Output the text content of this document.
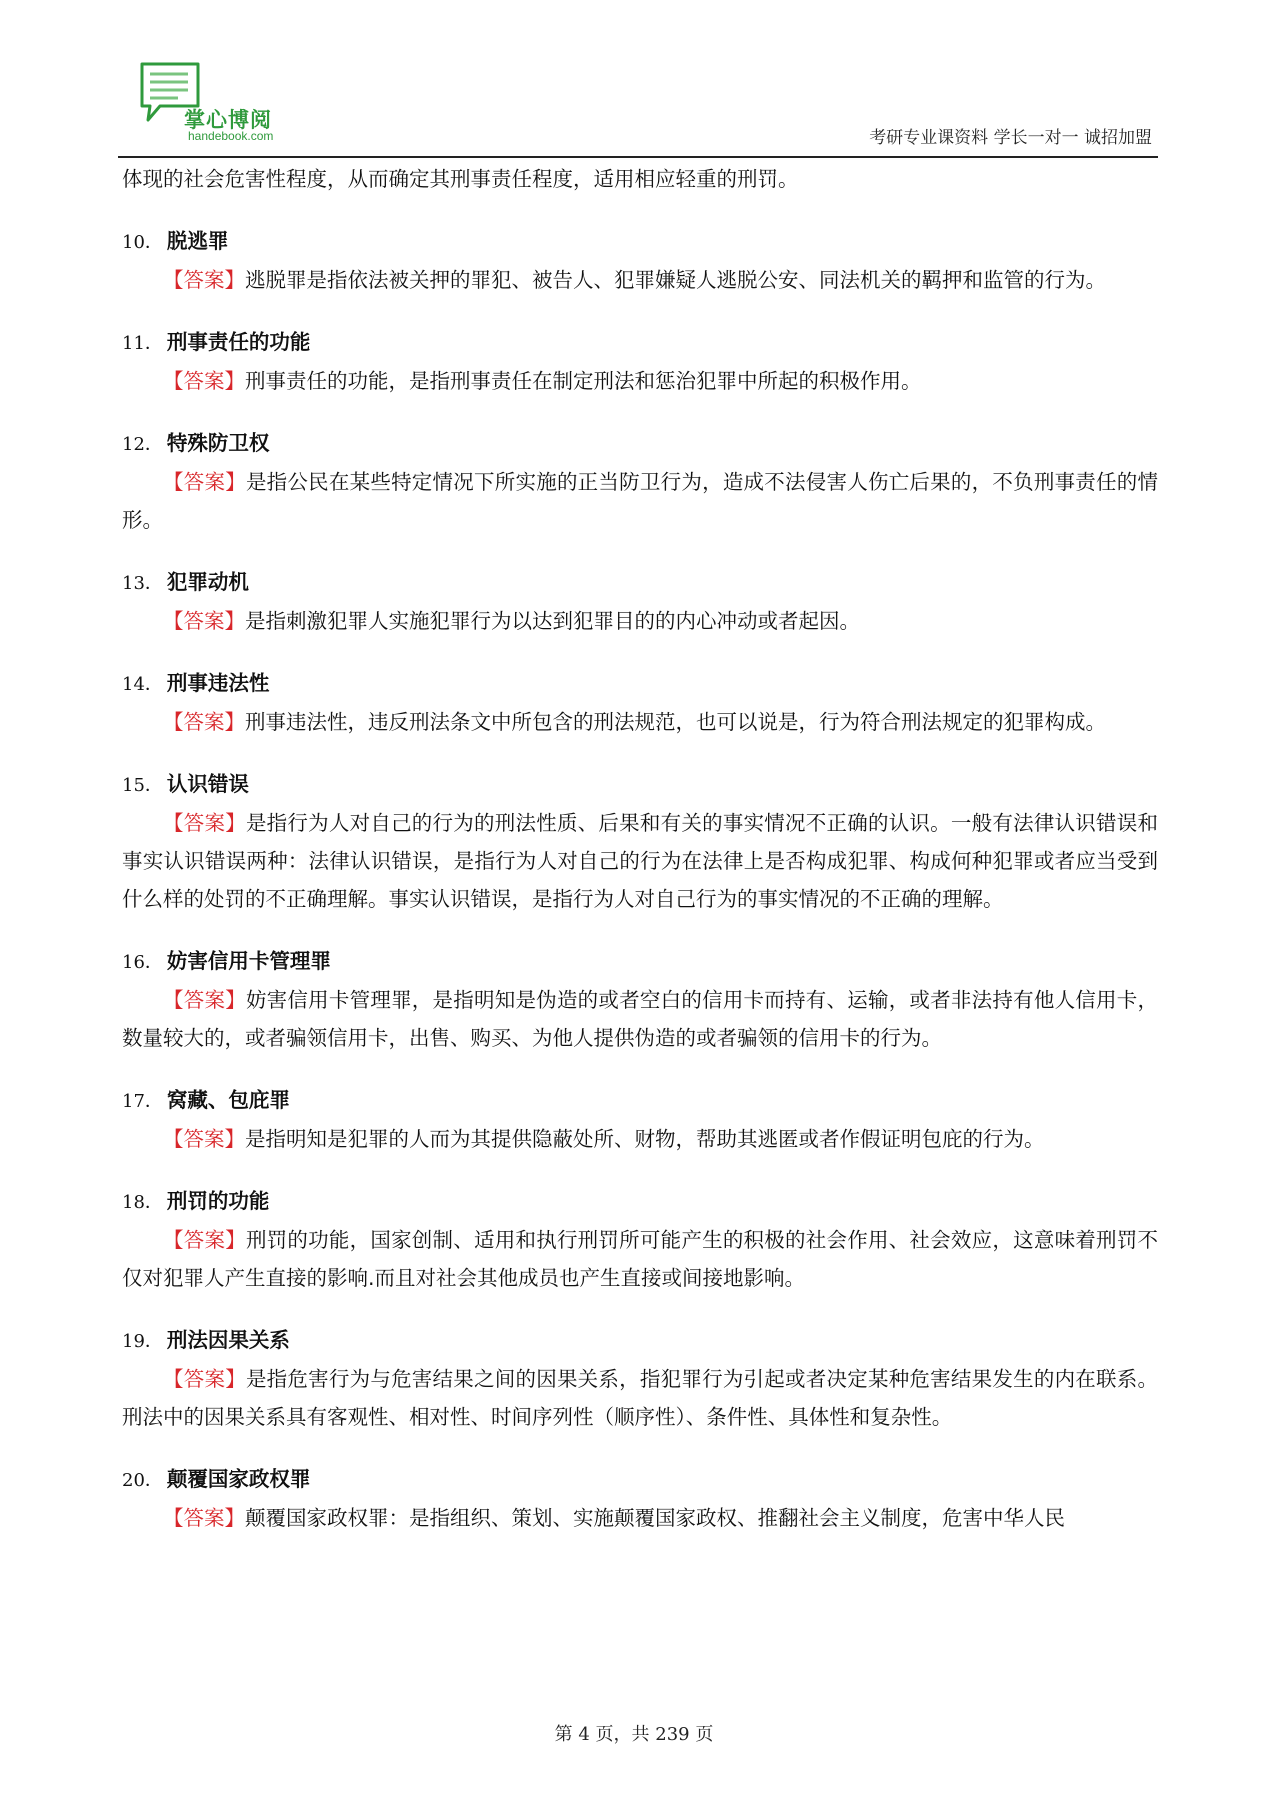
掌心博阅
handebook.com	考研专业课资料 学长一对一 诚招加盟

体现的社会危害性程度，从而确定其刑事责任程度，适用相应轻重的刑罚。

10． 脱逃罪

【答案】逃脱罪是指依法被关押的罪犯、被告人、犯罪嫌疑人逃脱公安、同法机关的羁押和监管的行为。

11． 刑事责任的功能

【答案】刑事责任的功能，是指刑事责任在制定刑法和惩治犯罪中所起的积极作用。

12． 特殊防卫权

【答案】是指公民在某些特定情况下所实施的正当防卫行为，造成不法侵害人伤亡后果的，不负刑事责任的情形。

13． 犯罪动机

【答案】是指刺激犯罪人实施犯罪行为以达到犯罪目的的内心冲动或者起因。

14． 刑事违法性

【答案】刑事违法性，违反刑法条文中所包含的刑法规范，也可以说是，行为符合刑法规定的犯罪构成。

15． 认识错误

【答案】是指行为人对自己的行为的刑法性质、后果和有关的事实情况不正确的认识。一般有法律认识错误和事实认识错误两种：法律认识错误，是指行为人对自己的行为在法律上是否构成犯罪、构成何种犯罪或者应当受到什么样的处罚的不正确理解。事实认识错误，是指行为人对自己行为的事实情况的不正确的理解。

16． 妨害信用卡管理罪

【答案】妨害信用卡管理罪，是指明知是伪造的或者空白的信用卡而持有、运输，或者非法持有他人信用卡，数量较大的，或者骗领信用卡，出售、购买、为他人提供伪造的或者骗领的信用卡的行为。

17． 窝藏、包庇罪

【答案】是指明知是犯罪的人而为其提供隐蔽处所、财物，帮助其逃匿或者作假证明包庇的行为。

18． 刑罚的功能

【答案】刑罚的功能，国家创制、适用和执行刑罚所可能产生的积极的社会作用、社会效应，这意味着刑罚不仅对犯罪人产生直接的影响.而且对社会其他成员也产生直接或间接地影响。

19． 刑法因果关系

【答案】是指危害行为与危害结果之间的因果关系，指犯罪行为引起或者决定某种危害结果发生的内在联系。刑法中的因果关系具有客观性、相对性、时间序列性（顺序性）、条件性、具体性和复杂性。

20． 颠覆国家政权罪

【答案】颠覆国家政权罪：是指组织、策划、实施颠覆国家政权、推翻社会主义制度，危害中华人民

第 4 页，共 239 页
